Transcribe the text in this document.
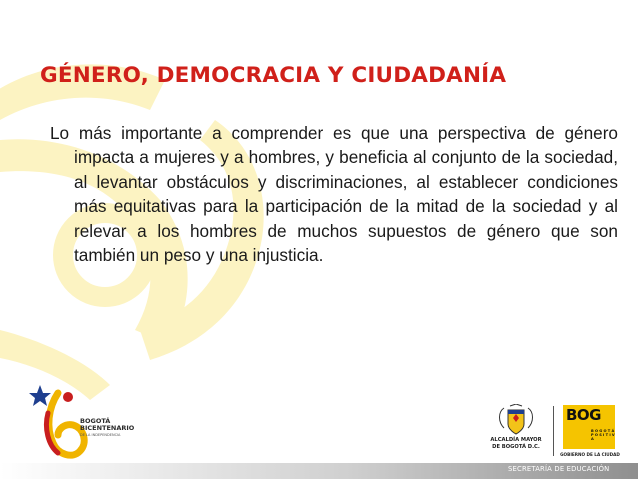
GÉNERO, DEMOCRACIA Y CIUDADANÍA

Lo más importante a comprender es que una perspectiva de género impacta a mujeres y a hombres, y beneficia al conjunto de la sociedad, al levantar obstáculos y discriminaciones, al establecer condiciones más equitativas para la participación de la mitad de la sociedad y al relevar a los hombres de muchos supuestos de género que son también un peso y una injusticia.

BOGOTÁ
BICENTENARIO
DE LA INDEPENDENCIA
ALCALDÍA MAYOR
DE BOGOTÁ D.C.
BOG
B O G O T Á P O S I T I V A
GOBIERNO DE LA CIUDAD
SECRETARÍA DE EDUCACIÓN
